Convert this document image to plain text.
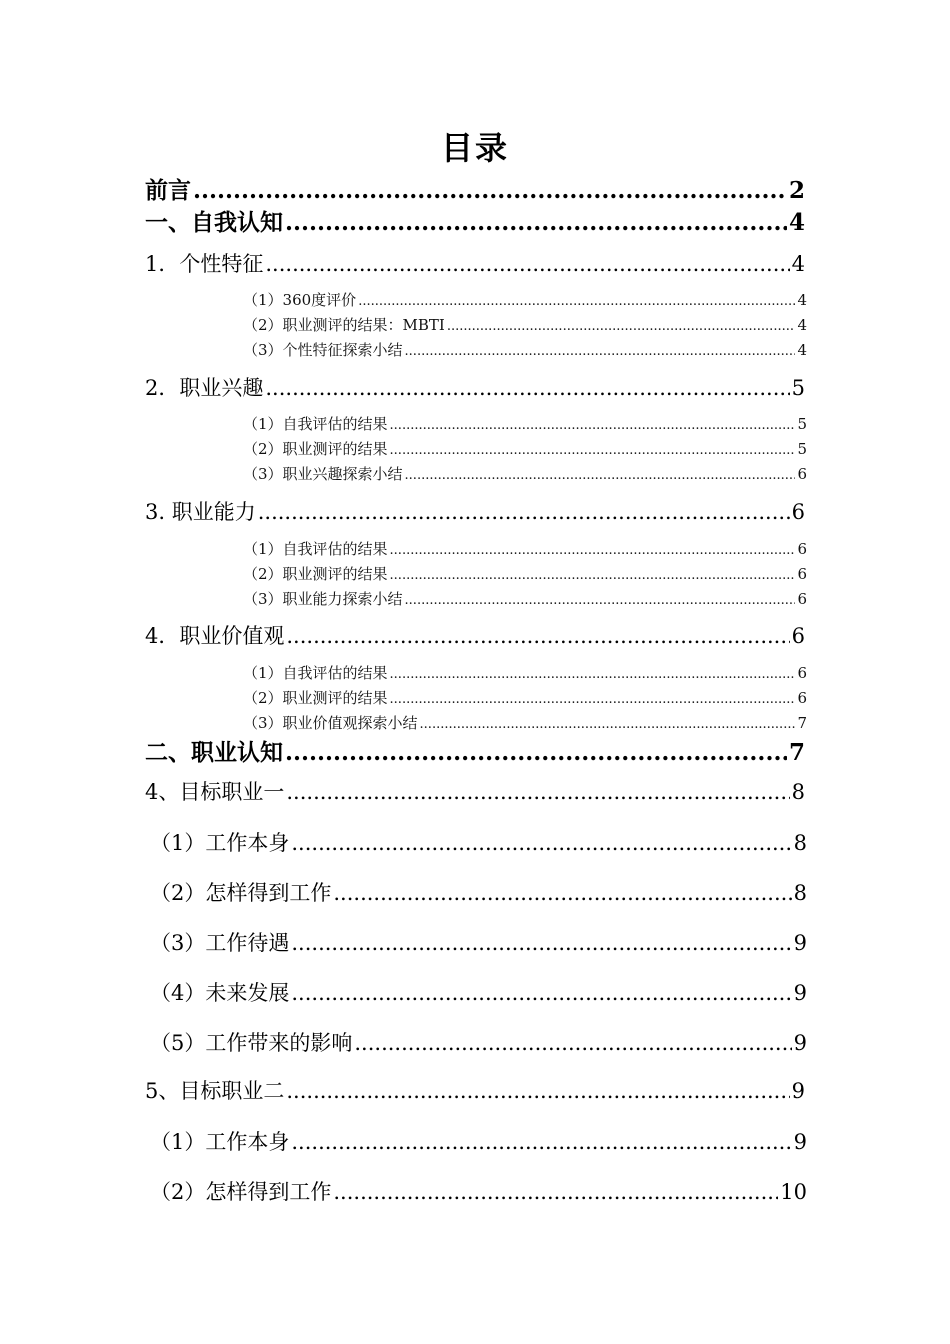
目录
前言 .....	2
一、自我认知 .....	4
1．个性特征 .....	4
（1）360度评价 .....	4
（2）职业测评的结果：MBTI .....	4
（3）个性特征探索小结 .....	4
2．职业兴趣 .....	5
（1）自我评估的结果 .....	5
（2）职业测评的结果 .....	5
（3）职业兴趣探索小结 .....	6
3. 职业能力 .....	6
（1）自我评估的结果 .....	6
（2）职业测评的结果 .....	6
（3）职业能力探索小结 .....	6
4．职业价值观 .....	6
（1）自我评估的结果 .....	6
（2）职业测评的结果 .....	6
（3）职业价值观探索小结 .....	7
二、职业认知 .....	7
4、目标职业一 .....	8
（1）工作本身 .....	8
（2）怎样得到工作 .....	8
（3）工作待遇 .....	9
（4）未来发展 .....	9
（5）工作带来的影响 .....	9
5、目标职业二 .....	9
（1）工作本身 .....	9
（2）怎样得到工作 .....	10
